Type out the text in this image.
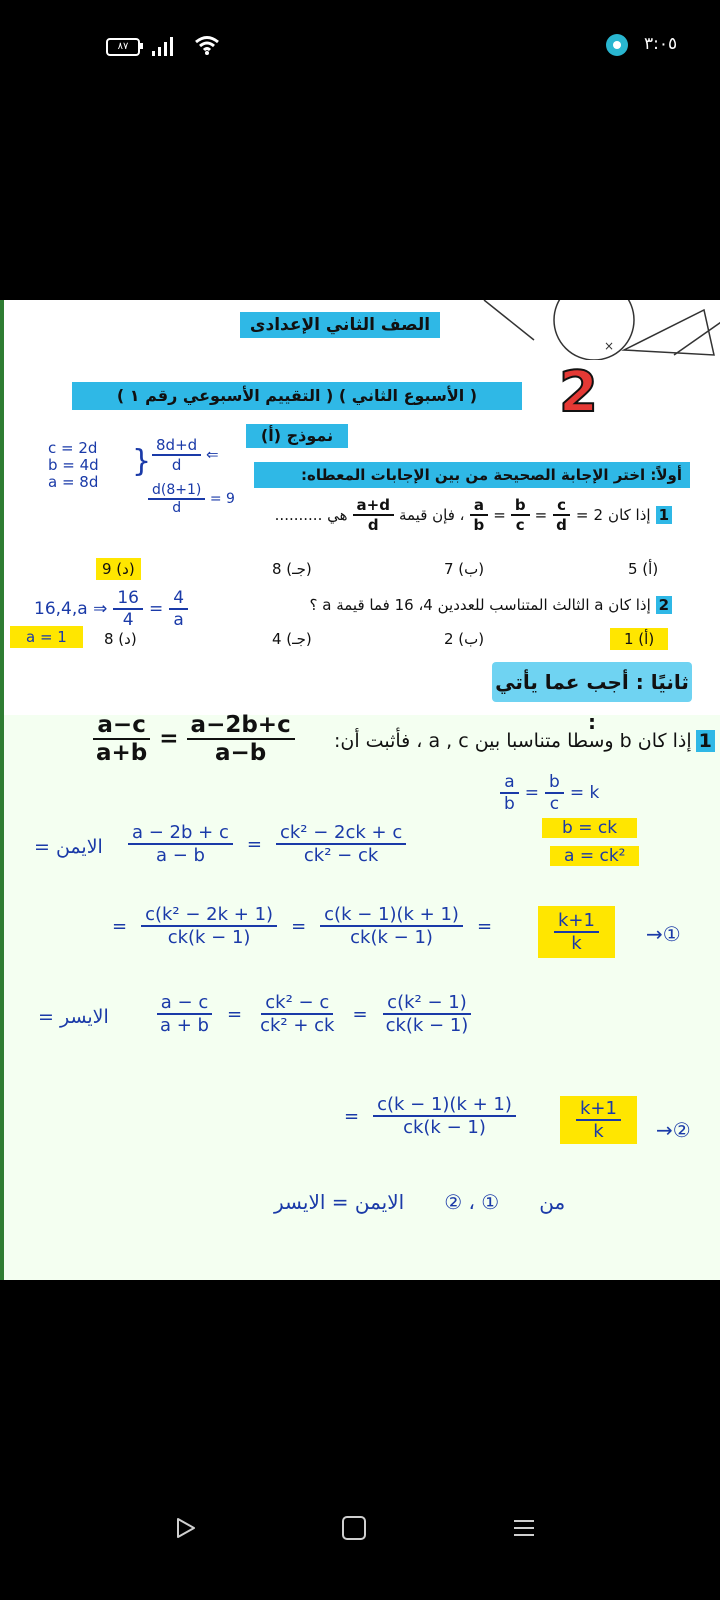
٨٧	٣:٠٥
×
الصف الثاني الإعدادى
2
( التقييم الأسبوعي رقم ١ ) ( الأسبوع الثاني )
نموذج (أ)
أولاً: اختر الإجابة الصحيحة من بين الإجابات المعطاه:
c = 2d
b = 4d
a = 8d
} $\frac{8d+d}{d}$ ⇐
$\frac{d(8+1)}{d} = 9$
1
إذا كان
2
=
$\frac{c}{d}$
=
$\frac{b}{c}$
=
$\frac{a}{b}$
، فإن قيمة
$\frac{a+d}{d}$
هي ..........
5 (أ)
7 (ب)
8 (جـ)
9 (د)
2 إذا كان a الثالث المتناسب للعددين 4، 16 فما قيمة a ؟
16,4,a ⇒ $\frac{16}{4} = \frac{4}{a}$
1 (أ)
2 (ب)
4 (جـ)
8 (د)
a = 1
ثانيًا : أجب عما يأتي :
1
إذا كان b وسطا متناسبا بين a , c ، فأثبت أن:
$\frac{a-c}{a+b} = \frac{a-2b+c}{a-b}$
$\frac{a}{b} = \frac{b}{c} = k$
b = ck
a = ck²
الايمن = $\frac{a - 2b + c}{a - b} = \frac{\text{ck² − 2ck + c}}{\text{ck² − ck}}$
= $\frac{\text{c(k² − 2k + 1)}}{ck(k - 1)} = \frac{c(k - 1)(k + 1)}{ck(k - 1)}$ =	$\frac{k+1}{k}$ →①
الايسر =	$\frac{a - c}{a + b} = \frac{\text{ck² − c}}{\text{ck² + ck}} = \frac{\text{c(k² − 1)}}{ck(k - 1)}$
= $\frac{c(k - 1)(k + 1)}{ck(k - 1)}$	$\frac{k+1}{k}$ →②
من
① ، ②
الايمن = الايسر
